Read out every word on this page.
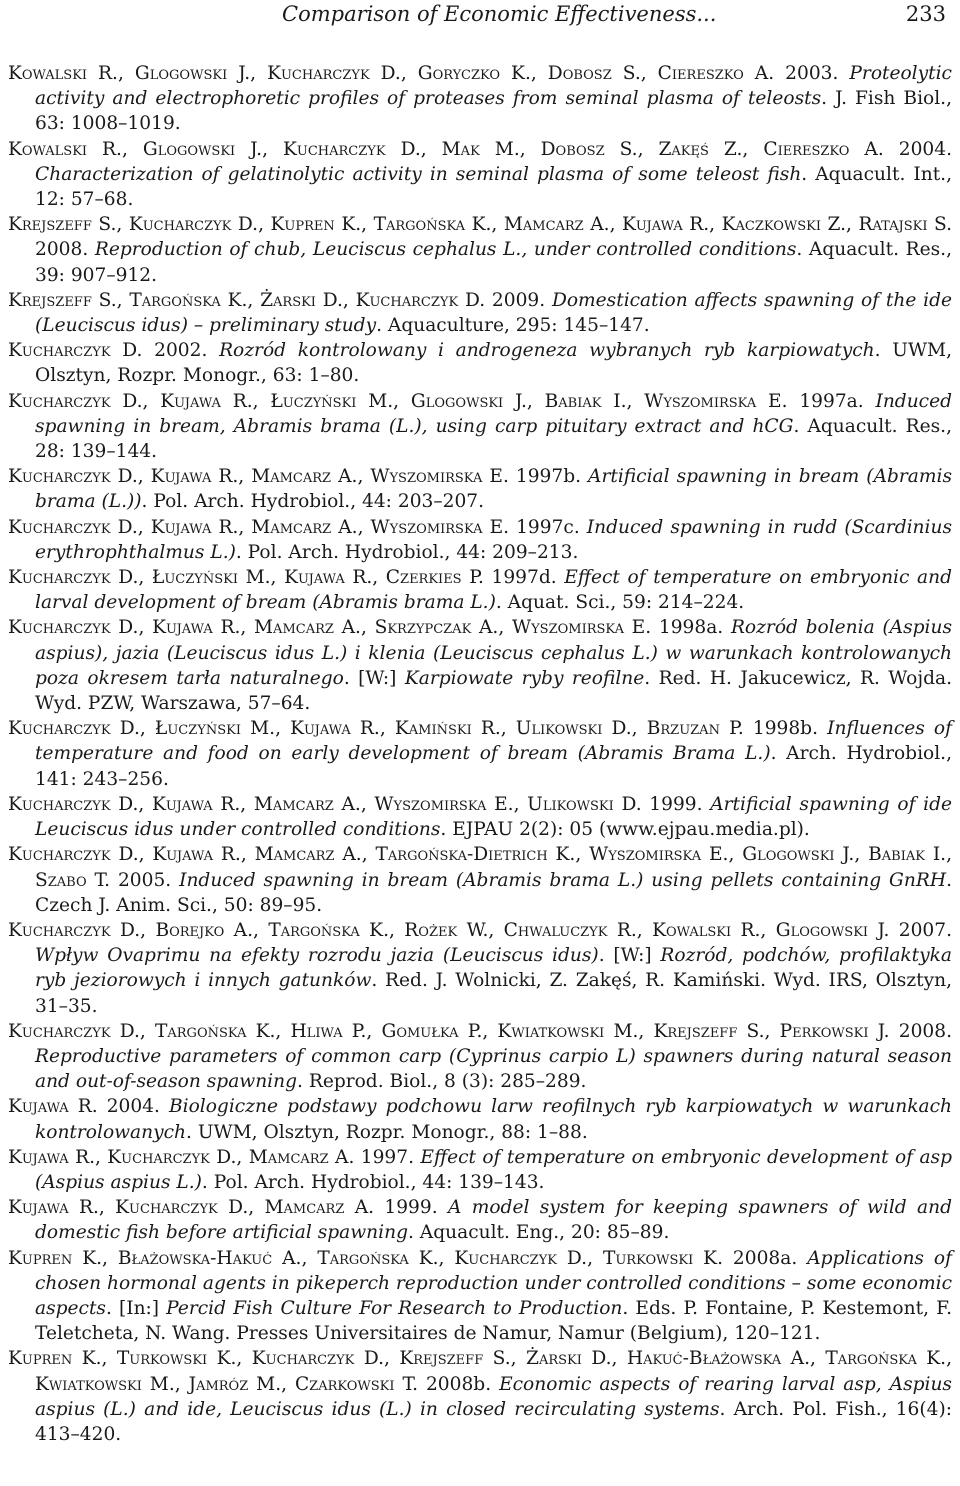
Comparison of Economic Effectiveness...	233

Kowalski R., Glogowski J., Kucharczyk D., Goryczko K., Dobosz S., Ciereszko A. 2003. Proteolytic activity and electrophoretic profiles of proteases from seminal plasma of teleosts. J. Fish Biol., 63: 1008–1019.

Kowalski R., Glogowski J., Kucharczyk D., Mak M., Dobosz S., Zakęś Z., Ciereszko A. 2004. Characterization of gelatinolytic activity in seminal plasma of some teleost fish. Aquacult. Int., 12: 57–68.

Krejszeff S., Kucharczyk D., Kupren K., Targońska K., Mamcarz A., Kujawa R., Kaczkowski Z., Ratajski S. 2008. Reproduction of chub, Leuciscus cephalus L., under controlled conditions. Aquacult. Res., 39: 907–912.

Krejszeff S., Targońska K., Żarski D., Kucharczyk D. 2009. Domestication affects spawning of the ide (Leuciscus idus) – preliminary study. Aquaculture, 295: 145–147.

Kucharczyk D. 2002. Rozród kontrolowany i androgeneza wybranych ryb karpiowatych. UWM, Olsztyn, Rozpr. Monogr., 63: 1–80.

Kucharczyk D., Kujawa R., Łuczyński M., Glogowski J., Babiak I., Wyszomirska E. 1997a. Induced spawning in bream, Abramis brama (L.), using carp pituitary extract and hCG. Aquacult. Res., 28: 139–144.

Kucharczyk D., Kujawa R., Mamcarz A., Wyszomirska E. 1997b. Artificial spawning in bream (Abramis brama (L.)). Pol. Arch. Hydrobiol., 44: 203–207.

Kucharczyk D., Kujawa R., Mamcarz A., Wyszomirska E. 1997c. Induced spawning in rudd (Scardinius erythrophthalmus L.). Pol. Arch. Hydrobiol., 44: 209–213.

Kucharczyk D., Łuczyński M., Kujawa R., Czerkies P. 1997d. Effect of temperature on embryonic and larval development of bream (Abramis brama L.). Aquat. Sci., 59: 214–224.

Kucharczyk D., Kujawa R., Mamcarz A., Skrzypczak A., Wyszomirska E. 1998a. Rozród bolenia (Aspius aspius), jazia (Leuciscus idus L.) i klenia (Leuciscus cephalus L.) w warunkach kontrolowanych poza okresem tarła naturalnego. [W:] Karpiowate ryby reofilne. Red. H. Jakucewicz, R. Wojda. Wyd. PZW, Warszawa, 57–64.

Kucharczyk D., Łuczyński M., Kujawa R., Kamiński R., Ulikowski D., Brzuzan P. 1998b. Influences of temperature and food on early development of bream (Abramis Brama L.). Arch. Hydrobiol., 141: 243–256.

Kucharczyk D., Kujawa R., Mamcarz A., Wyszomirska E., Ulikowski D. 1999. Artificial spawning of ide Leuciscus idus under controlled conditions. EJPAU 2(2): 05 (www.ejpau.media.pl).

Kucharczyk D., Kujawa R., Mamcarz A., Targońska-Dietrich K., Wyszomirska E., Glogowski J., Babiak I., Szabo T. 2005. Induced spawning in bream (Abramis brama L.) using pellets containing GnRH. Czech J. Anim. Sci., 50: 89–95.

Kucharczyk D., Borejko A., Targońska K., Rożek W., Chwaluczyk R., Kowalski R., Glogowski J. 2007. Wpływ Ovaprimu na efekty rozrodu jazia (Leuciscus idus). [W:] Rozród, podchów, profilaktyka ryb jeziorowych i innych gatunków. Red. J. Wolnicki, Z. Zakęś, R. Kamiński. Wyd. IRS, Olsztyn, 31–35.

Kucharczyk D., Targońska K., Hliwa P., Gomułka P., Kwiatkowski M., Krejszeff S., Perkowski J. 2008. Reproductive parameters of common carp (Cyprinus carpio L) spawners during natural season and out-of-season spawning. Reprod. Biol., 8 (3): 285–289.

Kujawa R. 2004. Biologiczne podstawy podchowu larw reofilnych ryb karpiowatych w warunkach kontrolowanych. UWM, Olsztyn, Rozpr. Monogr., 88: 1–88.

Kujawa R., Kucharczyk D., Mamcarz A. 1997. Effect of temperature on embryonic development of asp (Aspius aspius L.). Pol. Arch. Hydrobiol., 44: 139–143.

Kujawa R., Kucharczyk D., Mamcarz A. 1999. A model system for keeping spawners of wild and domestic fish before artificial spawning. Aquacult. Eng., 20: 85–89.

Kupren K., Błażowska-Hakuć A., Targońska K., Kucharczyk D., Turkowski K. 2008a. Applications of chosen hormonal agents in pikeperch reproduction under controlled conditions – some economic aspects. [In:] Percid Fish Culture For Research to Production. Eds. P. Fontaine, P. Kestemont, F. Teletcheta, N. Wang. Presses Universitaires de Namur, Namur (Belgium), 120–121.

Kupren K., Turkowski K., Kucharczyk D., Krejszeff S., Żarski D., Hakuć-Błażowska A., Targońska K., Kwiatkowski M., Jamróz M., Czarkowski T. 2008b. Economic aspects of rearing larval asp, Aspius aspius (L.) and ide, Leuciscus idus (L.) in closed recirculating systems. Arch. Pol. Fish., 16(4): 413–420.
